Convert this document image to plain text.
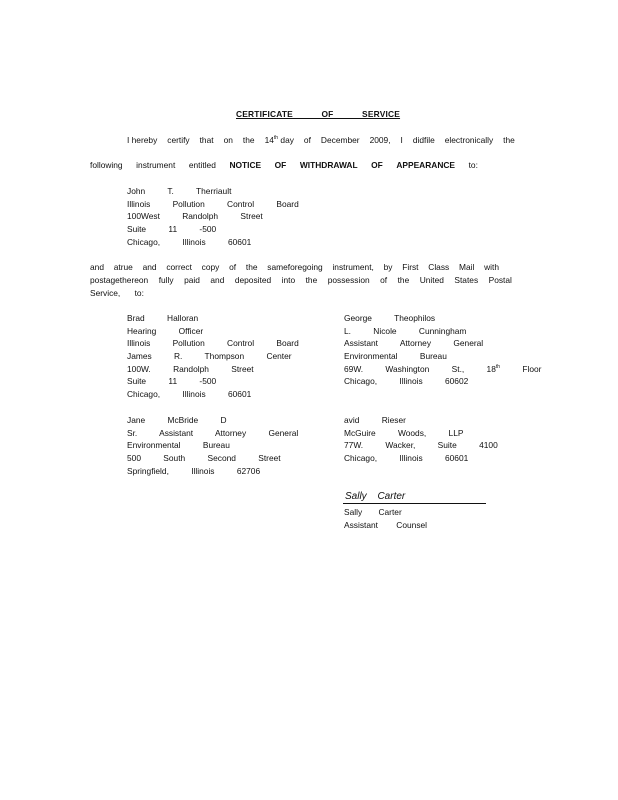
CERTIFICATE OF SERVICE
I hereby certify that on the 14th day of December 2009, I didfile electronically the
following instrument entitled NOTICE OF WITHDRAWAL OF APPEARANCE to:
John T. Therriault
Illinois Pollution Control Board
100West Randolph Street
Suite 11 -500
Chicago, Illinois 60601
and atrue and correct copy of the sameforegoing instrument, by First Class Mail with
postagethereon fully paid and deposited into the possession of the United States Postal
Service, to:
Brad Halloran
Hearing Officer
Illinois Pollution Control Board
James R. Thompson Center
100W. Randolph Street
Suite 11 -500
Chicago, Illinois 60601
George Theophilos
L. Nicole Cunningham
Assistant Attorney General
Environmental Bureau
69W. Washington St., 18th Floor
Chicago, Illinois 60602
Jane McBride D
Sr. Assistant Attorney General
Environmental Bureau
500 South Second Street
Springfield, Illinois 62706
avid Rieser
McGuire Woods, LLP
77W. Wacker, Suite 4100
Chicago, Illinois 60601
Sally Carter
Sally Carter
Assistant Counsel
